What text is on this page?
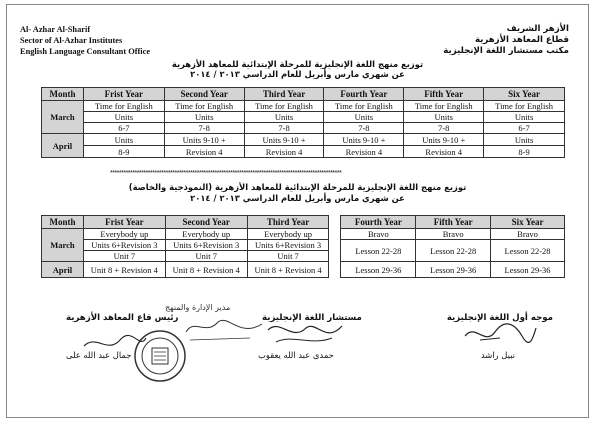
Al- Azhar Al-Sharif
Sector of Al-Azhar Institutes
English Language Consultant Office
الأزهر الشريف
قطاع المعاهد الأزهرية
مكتب مستشار اللغة الإنجليزية
توزيع منهج اللغة الإنجليزية للمرحلة الإبتدائية للمعاهد الأزهرية
عن شهري مارس وأبريل للعام الدراسي ٢٠١٣ / ٢٠١٤
Month	Frist Year	Second Year	Third Year	Fourth Year	Fifth Year	Six Year
March	Time for English	Time for English	Time for English	Time for English	Time for English	Time for English
	Units	Units	Units	Units	Units	Units
	6-7	7-8	7-8	7-8	7-8	6-7
April	Units	Units 9-10 +	Units 9-10 +	Units 9-10 +	Units 9-10 +	Units
	8-9	Revision 4	Revision 4	Revision 4	Revision 4	8-9
********************************************************************************************************
توزيع منهج اللغة الإنجليزية للمرحلة الإبتدائية للمعاهد الأزهرية (النموذجية والخاصة)
عن شهري مارس وأبريل للعام الدراسي ٢٠١٣ / ٢٠١٤
Month	Frist Year	Second Year	Third Year		Fourth Year	Fifth Year	Six Year
March	Everybody up	Everybody up	Everybody up		Bravo	Bravo	Bravo
	Units 6+Revision 3	Units 6+Revision 3	Units 6+Revision 3		Lesson 22-28	Lesson 22-28	Lesson 22-28
	Unit 7	Unit 7	Unit 7				
April	Unit 8 + Revision 4	Unit 8 + Revision 4	Unit 8 + Revision 4		Lesson 29-36	Lesson 29-36	Lesson 29-36
موجه أول اللغة الإنجليزية
مستشار اللغة الإنجليزية
رئيس قاع المعاهد الأزهرية
مدير الإدارة والمنهج
نبيل راشد
حمدى عبد الله يعقوب
جمال عبد الله على
